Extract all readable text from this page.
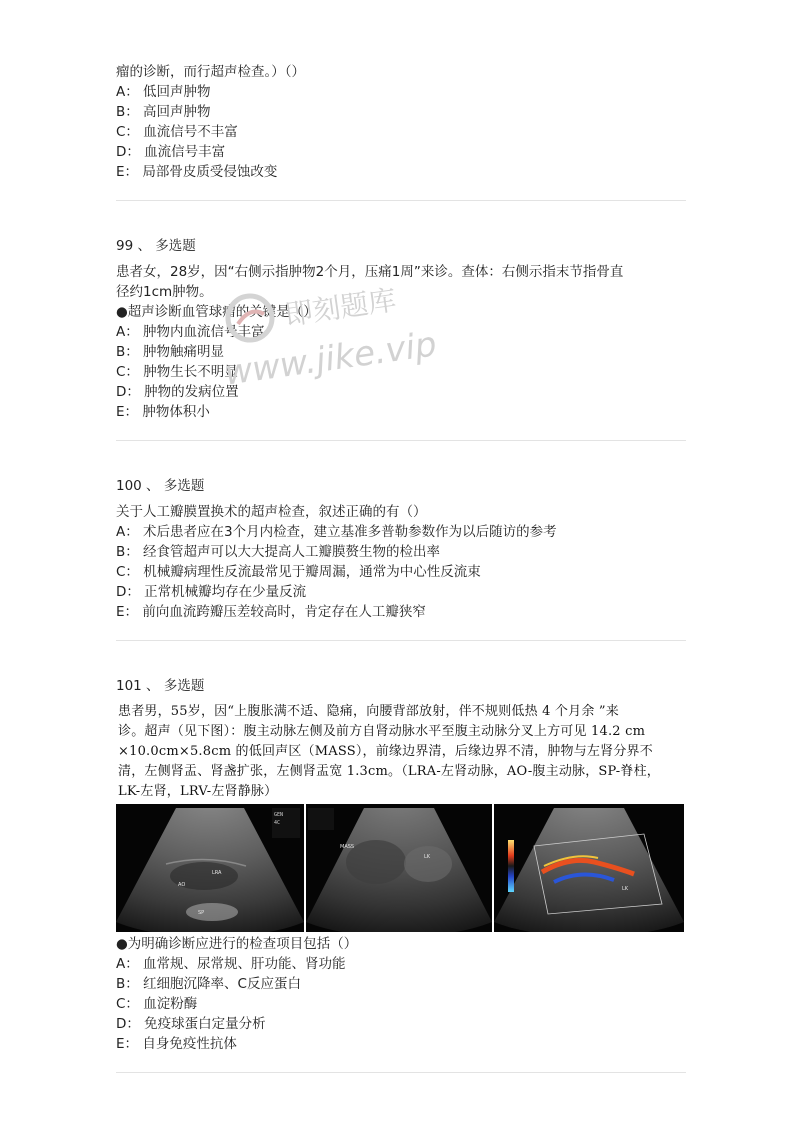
瘤的诊断，而行超声检查。）（）
A： 低回声肿物
B： 高回声肿物
C： 血流信号不丰富
D： 血流信号丰富
E： 局部骨皮质受侵蚀改变
99 、 多选题
患者女，28岁，因“右侧示指肿物2个月，压痛1周”来诊。查体：右侧示指末节指骨直
径约1cm肿物。
●超声诊断血管球瘤的关键是（）
A： 肿物内血流信号丰富
B： 肿物触痛明显
C： 肿物生长不明显
D： 肿物的发病位置
E： 肿物体积小
100 、 多选题
关于人工瓣膜置换术的超声检查，叙述正确的有（）
A： 术后患者应在3个月内检查，建立基准多普勒参数作为以后随访的参考
B： 经食管超声可以大大提高人工瓣膜赘生物的检出率
C： 机械瓣病理性反流最常见于瓣周漏，通常为中心性反流束
D： 正常机械瓣均存在少量反流
E： 前向血流跨瓣压差较高时，肯定存在人工瓣狭窄
101 、 多选题
患者男，55岁，因“上腹胀满不适、隐痛，向腰背部放射，伴不规则低热 4 个月余 ”来
诊。超声（见下图）：腹主动脉左侧及前方自肾动脉水平至腹主动脉分叉上方可见 14.2 cm
×10.0cm×5.8cm 的低回声区（MASS），前缘边界清，后缘边界不清，肿物与左肾分界不
清，左侧肾盂、肾盏扩张，左侧肾盂宽 1.3cm。（LRA-左肾动脉，AO-腹主动脉，SP-脊柱，
LK-左肾，LRV-左肾静脉）
GEN
4C
LRA
AO
SP
MASS
LK
LK
●为明确诊断应进行的检查项目包括（）
A： 血常规、尿常规、肝功能、肾功能
B： 红细胞沉降率、C反应蛋白
C： 血淀粉酶
D： 免疫球蛋白定量分析
E： 自身免疫性抗体
即刻题库
www.jike.vip
